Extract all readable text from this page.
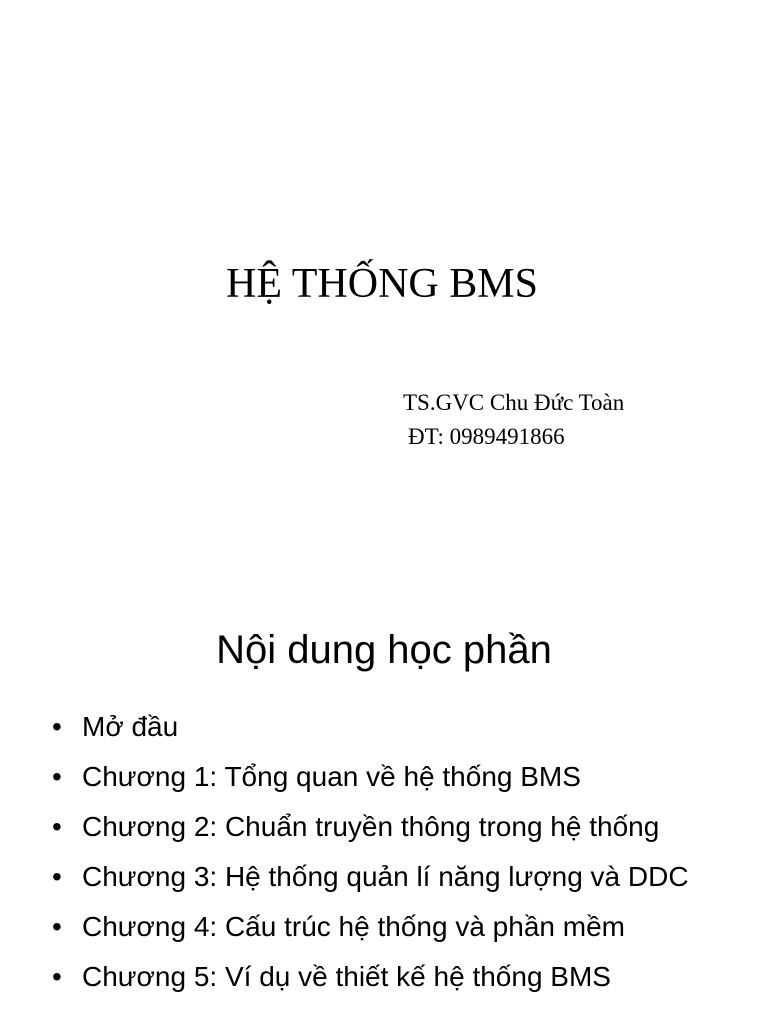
HỆ THỐNG BMS
TS.GVC Chu Đức Toàn
ĐT: 0989491866
Nội dung học phần
• Mở đầu
• Chương 1: Tổng quan về hệ thống BMS
• Chương 2: Chuẩn truyền thông trong hệ thống
• Chương 3: Hệ thống quản lí năng lượng và DDC
• Chương 4: Cấu trúc hệ thống và phần mềm
• Chương 5: Ví dụ về thiết kế hệ thống BMS
